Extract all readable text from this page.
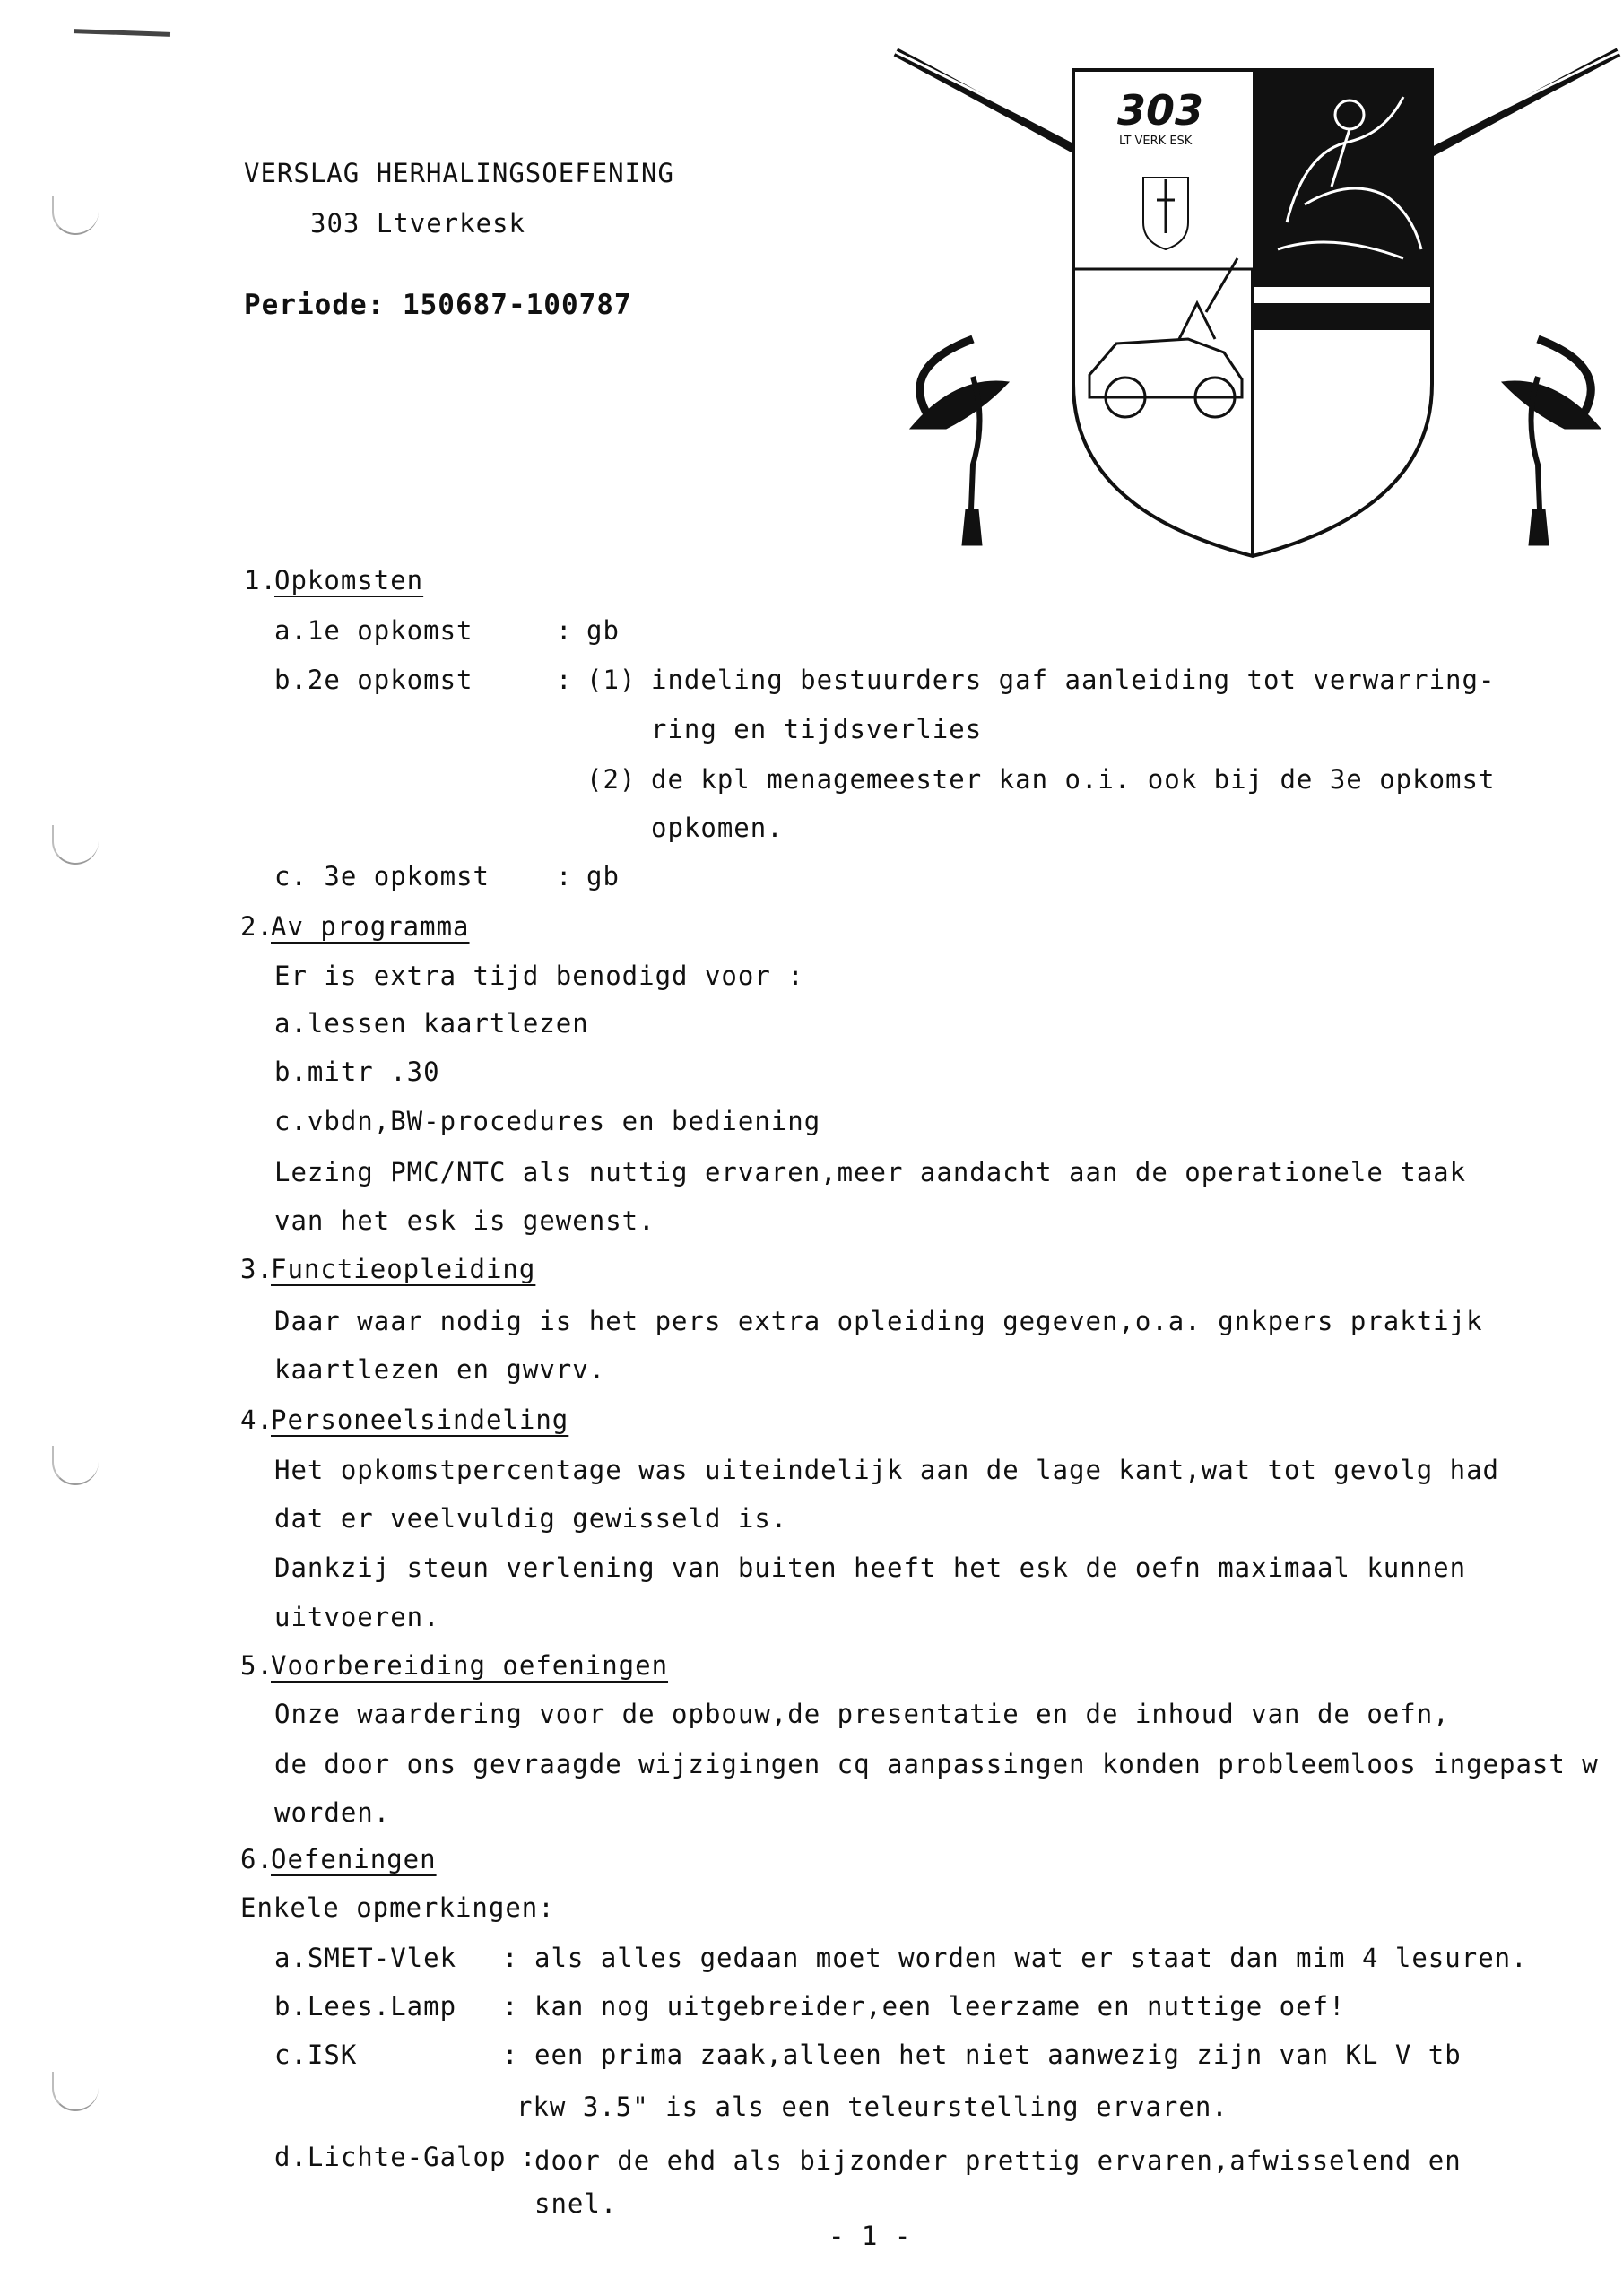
VERSLAG HERHALINGSOEFENING
303 Ltverkesk
Periode: 150687-100787
303
LT VERK ESK
1.
Opkomsten
a.1e opkomst	: gb
b.2e opkomst	: (1) indeling bestuurders gaf aanleiding tot verwarring-
ring en tijdsverlies
(2) de kpl menagemeester kan o.i. ook bij de 3e opkomst
opkomen.
c. 3e opkomst	: gb
2.
Av programma
Er is extra tijd benodigd voor :
a.lessen kaartlezen
b.mitr .30
c.vbdn,BW-procedures en bediening
Lezing PMC/NTC als nuttig ervaren,meer aandacht aan de operationele taak
van het esk is gewenst.
3.
Functieopleiding
Daar waar nodig is het pers extra opleiding gegeven,o.a. gnkpers praktijk
kaartlezen en gwvrv.
4.
Personeelsindeling
Het opkomstpercentage was uiteindelijk aan de lage kant,wat tot gevolg had
dat er veelvuldig gewisseld is.
Dankzij steun verlening van buiten heeft het esk de oefn maximaal kunnen
uitvoeren.
5.
Voorbereiding oefeningen
Onze waardering voor de opbouw,de presentatie en de inhoud van de oefn,
de door ons gevraagde wijzigingen cq aanpassingen konden probleemloos ingepast w
worden.
6.
Oefeningen
Enkele opmerkingen:
a.SMET-Vlek : als alles gedaan moet worden wat er staat dan mim 4 lesuren.
b.Lees.Lamp : kan nog uitgebreider,een leerzame en nuttige oef!
c.ISK	: een prima zaak,alleen het niet aanwezig zijn van KL V tb
rkw 3.5" is als een teleurstelling ervaren.
d.Lichte-Galop :
door de ehd als bijzonder prettig ervaren,afwisselend en
snel.
- 1 -
